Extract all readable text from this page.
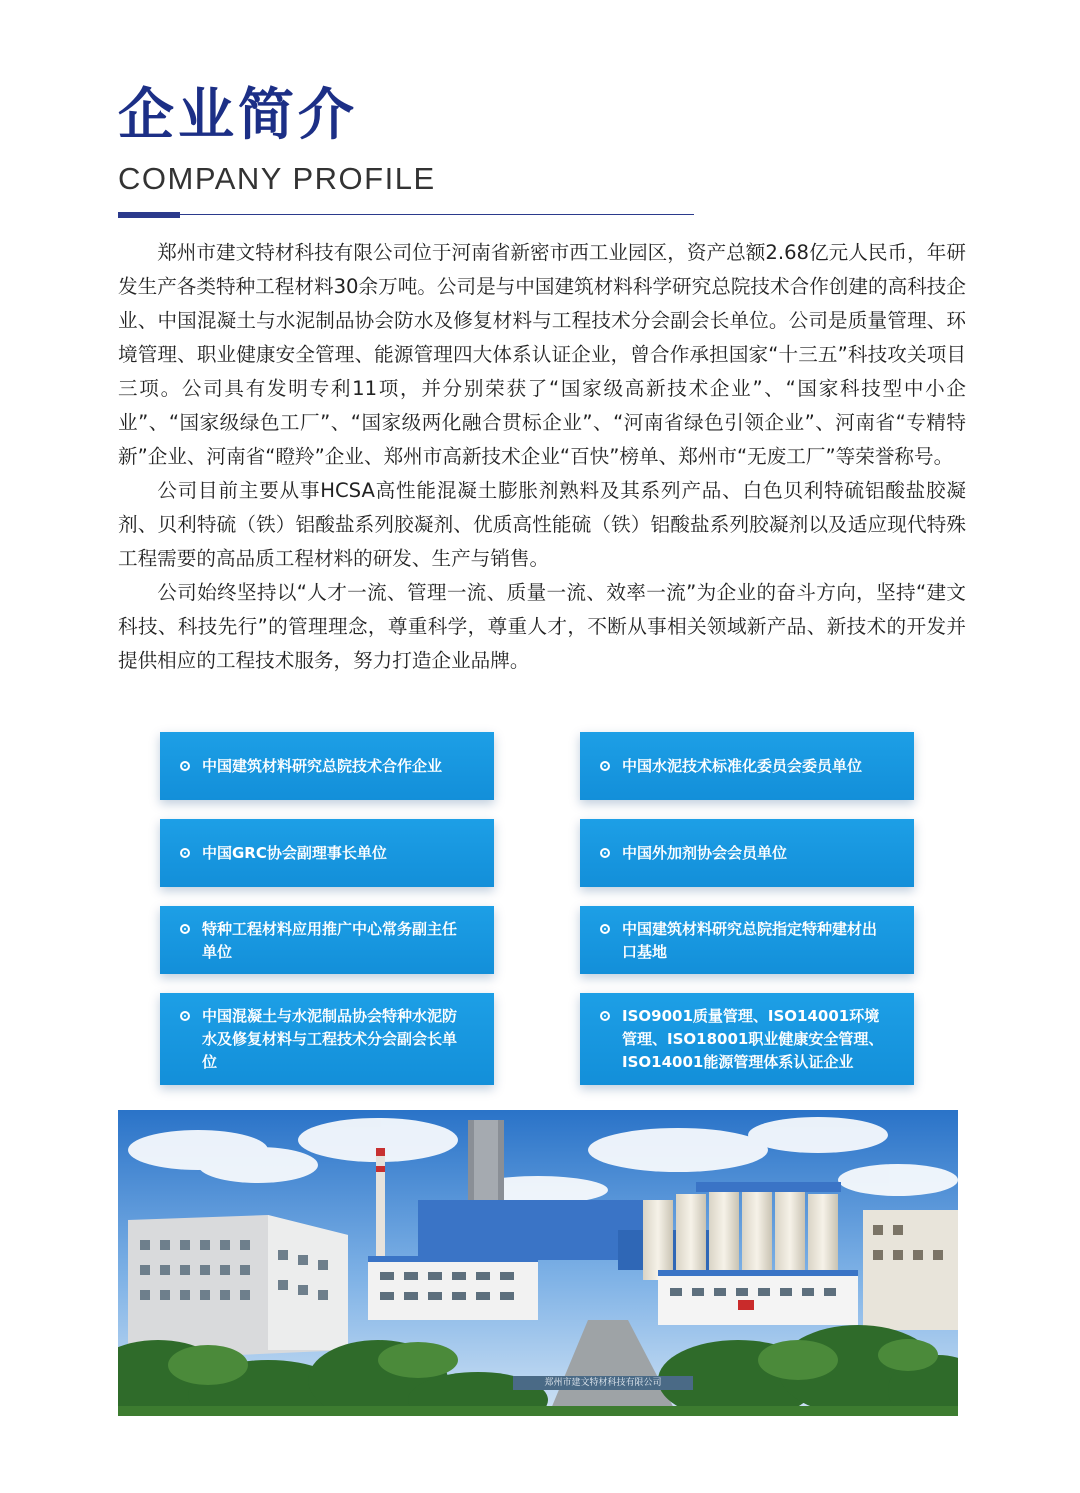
企业简介
COMPANY PROFILE

郑州市建文特材科技有限公司位于河南省新密市西工业园区，资产总额2.68亿元人民币，年研发生产各类特种工程材料30余万吨。公司是与中国建筑材料科学研究总院技术合作创建的高科技企业、中国混凝土与水泥制品协会防水及修复材料与工程技术分会副会长单位。公司是质量管理、环境管理、职业健康安全管理、能源管理四大体系认证企业，曾合作承担国家“十三五”科技攻关项目三项。公司具有发明专利11项，并分别荣获了“国家级高新技术企业”、“国家科技型中小企业”、“国家级绿色工厂”、“国家级两化融合贯标企业”、“河南省绿色引领企业”、河南省“专精特新”企业、河南省“瞪羚”企业、郑州市高新技术企业“百快”榜单、郑州市“无废工厂”等荣誉称号。

公司目前主要从事HCSA高性能混凝土膨胀剂熟料及其系列产品、白色贝利特硫铝酸盐胶凝剂、贝利特硫（铁）铝酸盐系列胶凝剂、优质高性能硫（铁）铝酸盐系列胶凝剂以及适应现代特殊工程需要的高品质工程材料的研发、生产与销售。

公司始终坚持以“人才一流、管理一流、质量一流、效率一流”为企业的奋斗方向，坚持“建文科技、科技先行”的管理理念，尊重科学，尊重人才，不断从事相关领域新产品、新技术的开发并提供相应的工程技术服务，努力打造企业品牌。

中国建筑材料研究总院技术合作企业	中国水泥技术标准化委员会委员单位
中国GRC协会副理事长单位	中国外加剂协会会员单位
特种工程材料应用推广中心常务副主任单位
中国建筑材料研究总院指定特种建材出口基地
中国混凝土与水泥制品协会特种水泥防水及修复材料与工程技术分会副会长单位
ISO9001质量管理、ISO14001环境管理、ISO18001职业健康安全管理、ISO14001能源管理体系认证企业
郑州市建文特材科技有限公司
